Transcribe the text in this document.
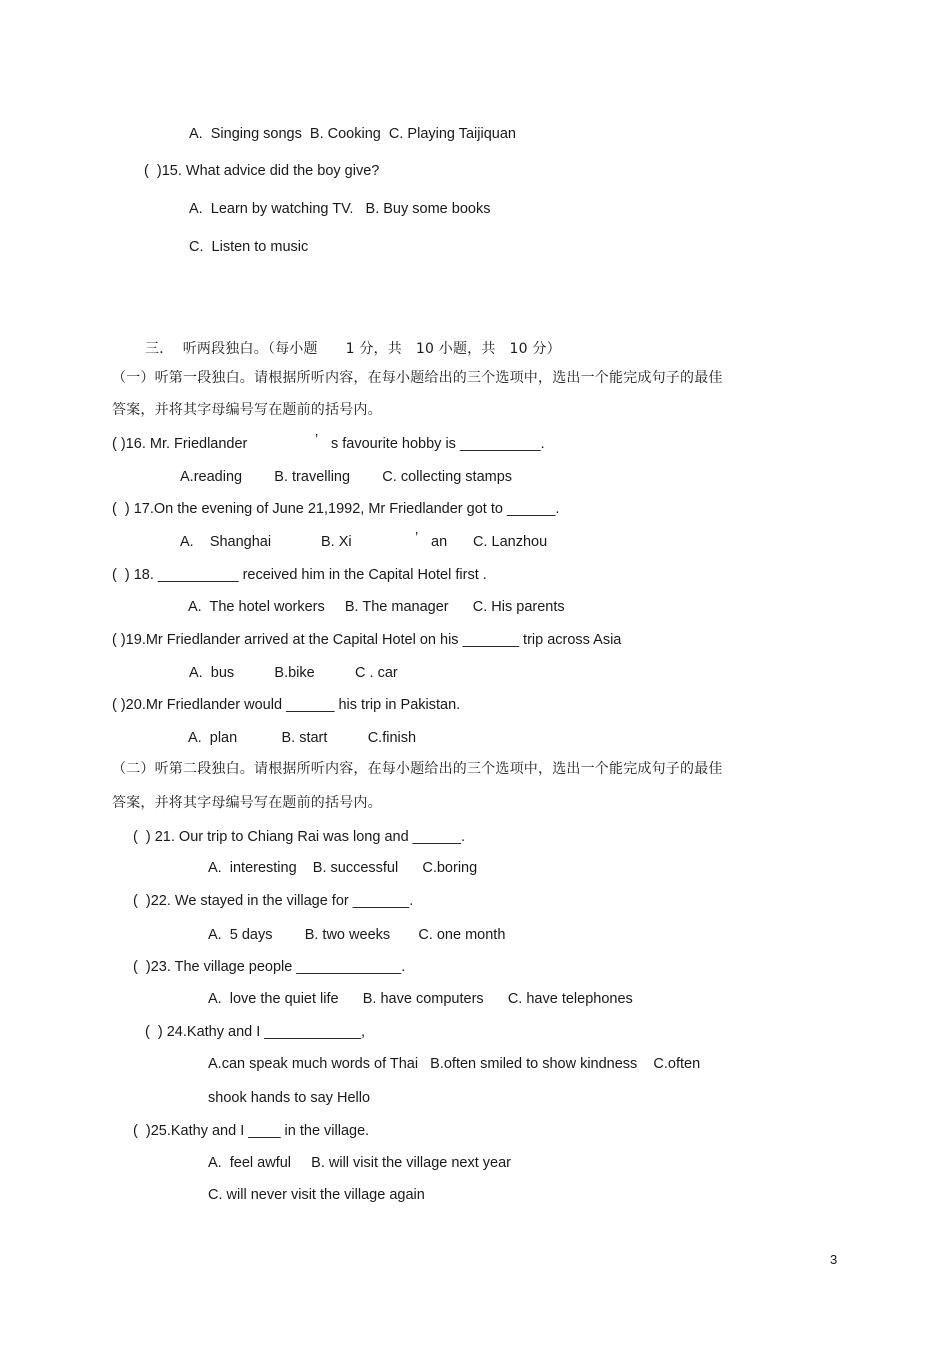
A.  Singing songs  B. Cooking  C. Playing Taijiquan
(  )15. What advice did the boy give?
A.  Learn by watching TV.   B. Buy some books
C.  Listen to music
三．  听两段独白。（每小题      1 分，共   10 小题，共   10 分）
（一）听第一段独白。请根据所听内容，在每小题给出的三个选项中，选出一个能完成句子的最佳
答案，并将其字母编号写在题前的括号内。
( )16. Mr. Friedlander	’ s favourite hobby is __________.
A.reading        B. travelling        C. collecting stamps
(  ) 17.On the evening of June 21,1992, Mr Friedlander got to ______.
A.    Shanghai	B. Xi	’ an C. Lanzhou
(  ) 18. __________ received him in the Capital Hotel first .
A.  The hotel workers     B. The manager      C. His parents
( )19.Mr Friedlander arrived at the Capital Hotel on his _______ trip across Asia
A.  bus          B.bike          C . car
( )20.Mr Friedlander would ______ his trip in Pakistan.
A.  plan           B. start          C.finish
（二）听第二段独白。请根据所听内容，在每小题给出的三个选项中，选出一个能完成句子的最佳
答案，并将其字母编号写在题前的括号内。
(  ) 21. Our trip to Chiang Rai was long and ______.
A.  interesting    B. successful      C.boring
(  )22. We stayed in the village for _______.
A.  5 days        B. two weeks       C. one month
(  )23. The village people _____________.
A.  love the quiet life      B. have computers      C. have telephones
(  ) 24.Kathy and I ____________,
A.can speak much words of Thai   B.often smiled to show kindness    C.often
shook hands to say Hello
(  )25.Kathy and I ____ in the village.
A.  feel awful     B. will visit the village next year
C. will never visit the village again
3
